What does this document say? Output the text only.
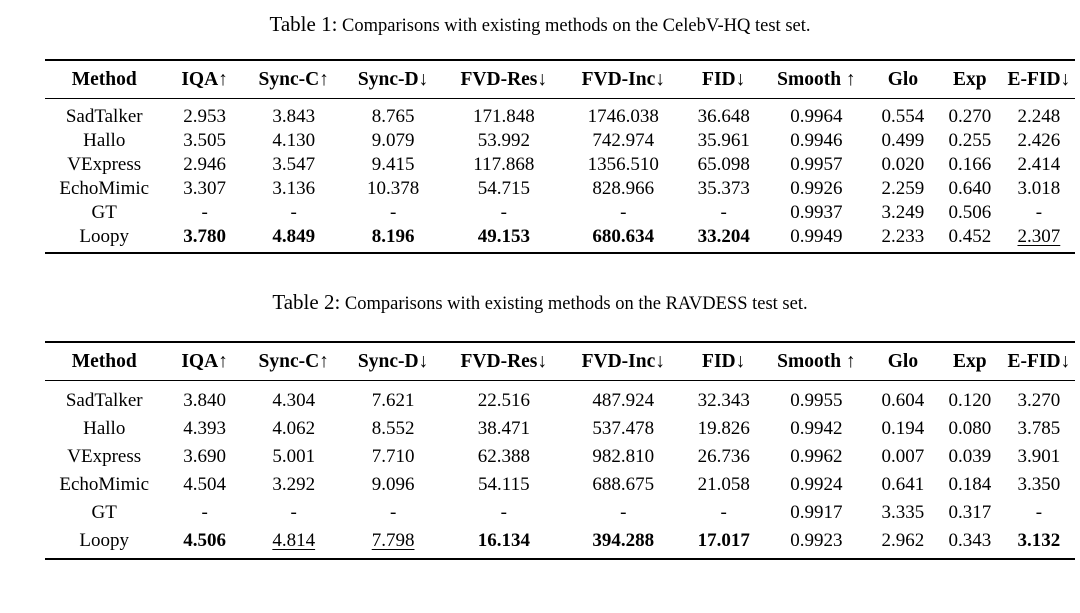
Table 1: Comparisons with existing methods on the CelebV-HQ test set.
Method	IQA↑	Sync-C↑	Sync-D↓	FVD-Res↓	FVD-Inc↓	FID↓	Smooth ↑	Glo	Exp	E-FID↓
SadTalker	2.953	3.843	8.765	171.848	1746.038	36.648	0.9964	0.554	0.270	2.248
Hallo	3.505	4.130	9.079	53.992	742.974	35.961	0.9946	0.499	0.255	2.426
VExpress	2.946	3.547	9.415	117.868	1356.510	65.098	0.9957	0.020	0.166	2.414
EchoMimic	3.307	3.136	10.378	54.715	828.966	35.373	0.9926	2.259	0.640	3.018
GT	-	-	-	-	-	-	0.9937	3.249	0.506	-
Loopy	3.780	4.849	8.196	49.153	680.634	33.204	0.9949	2.233	0.452	2.307
Table 2: Comparisons with existing methods on the RAVDESS test set.
Method	IQA↑	Sync-C↑	Sync-D↓	FVD-Res↓	FVD-Inc↓	FID↓	Smooth ↑	Glo	Exp	E-FID↓
SadTalker	3.840	4.304	7.621	22.516	487.924	32.343	0.9955	0.604	0.120	3.270
Hallo	4.393	4.062	8.552	38.471	537.478	19.826	0.9942	0.194	0.080	3.785
VExpress	3.690	5.001	7.710	62.388	982.810	26.736	0.9962	0.007	0.039	3.901
EchoMimic	4.504	3.292	9.096	54.115	688.675	21.058	0.9924	0.641	0.184	3.350
GT	-	-	-	-	-	-	0.9917	3.335	0.317	-
Loopy	4.506	4.814	7.798	16.134	394.288	17.017	0.9923	2.962	0.343	3.132
